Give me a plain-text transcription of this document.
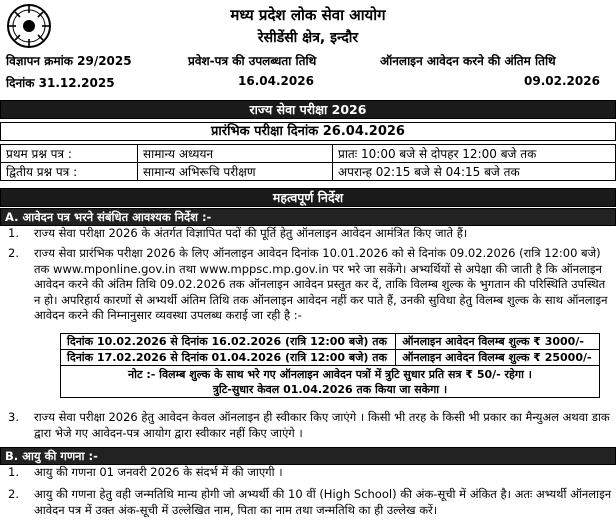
मध्य प्रदेश लोक सेवा आयोग
रेसीडेंसी क्षेत्र, इन्दौर
विज्ञापन क्रमांक 29/2025	प्रवेश-पत्र की उपलब्धता तिथि	ऑनलाइन आवेदन करने की अंतिम तिथि
दिनांक 31.12.2025	16.04.2026	09.02.2026
राज्य सेवा परीक्षा 2026
प्रारंभिक परीक्षा दिनांक 26.04.2026
प्रथम प्रश्न पत्र :	सामान्य अध्ययन	प्रातः 10:00 बजे से दोपहर 12:00 बजे तक
द्वितीय प्रश्न पत्र :	सामान्य अभिरूचि परीक्षण	अपरान्ह 02:15 बजे से 04:15 बजे तक
महत्वपूर्ण निर्देश
A. आवेदन पत्र भरने संबंधित आवश्यक निर्देश :-
1. राज्य सेवा परीक्षा 2026 के अंतर्गत विज्ञापित पदों की पूर्ति हेतु ऑनलाइन आवेदन आमंत्रित किए जाते हैं।
2. राज्य सेवा प्रारंभिक परीक्षा 2026 के लिए ऑनलाइन आवेदन दिनांक 10.01.2026 को से दिनांक 09.02.2026 (रात्रि 12:00 बजे) तक www.mponline.gov.in तथा www.mppsc.mp.gov.in पर भरे जा सकेंगे। अभ्यर्थियों से अपेक्षा की जाती है कि ऑनलाइन आवेदन करने की अंतिम तिथि 09.02.2026 तक ऑनलाइन आवेदन प्रस्तुत कर दें, ताकि विलम्ब शुल्क के भुगतान की परिस्थिति उपस्थित न हो। अपरिहार्य कारणों से अभ्यर्थी अंतिम तिथि तक ऑनलाइन आवेदन नहीं कर पाते हैं, उनकी सुविधा हेतु विलम्ब शुल्क के साथ ऑनलाइन आवेदन करने की निम्नानुसार व्यवस्था उपलब्ध कराई जा रही है :-
दिनांक 10.02.2026 से दिनांक 16.02.2026 (रात्रि 12:00 बजे) तक	ऑनलाइन आवेदन विलम्ब शुल्क ₹ 3000/-
दिनांक 17.02.2026 से दिनांक 01.04.2026 (रात्रि 12:00 बजे) तक	ऑनलाइन आवेदन विलम्ब शुल्क ₹ 25000/-

नोट :- विलम्ब शुल्क के साथ भरे गए ऑनलाइन आवेदन पत्रों में त्रुटि सुधार प्रति सत्र ₹ 50/- रहेगा ।
त्रुटि-सुधार केवल 01.04.2026 तक किया जा सकेगा ।	
3. राज्य सेवा परीक्षा 2026 हेतु आवेदन केवल ऑनलाइन ही स्वीकार किए जाएंगे । किसी भी तरह के किसी भी प्रकार का मैन्युअल अथवा डाक द्वारा भेजे गए आवेदन-पत्र आयोग द्वारा स्वीकार नहीं किए जाएंगे ।
B. आयु की गणना :-
1. आयु की गणना 01 जनवरी 2026 के संदर्भ में की जाएगी ।
2. आयु की गणना हेतु वही जन्मतिथि मान्य होगी जो अभ्यर्थी की 10 वीं (High School) की अंक-सूची में अंकित है। अतः अभ्यर्थी ऑनलाइन आवेदन पत्र में उक्त अंक-सूची में उल्लेखित नाम, पिता का नाम तथा जन्मतिथि का ही उल्लेख करें।
